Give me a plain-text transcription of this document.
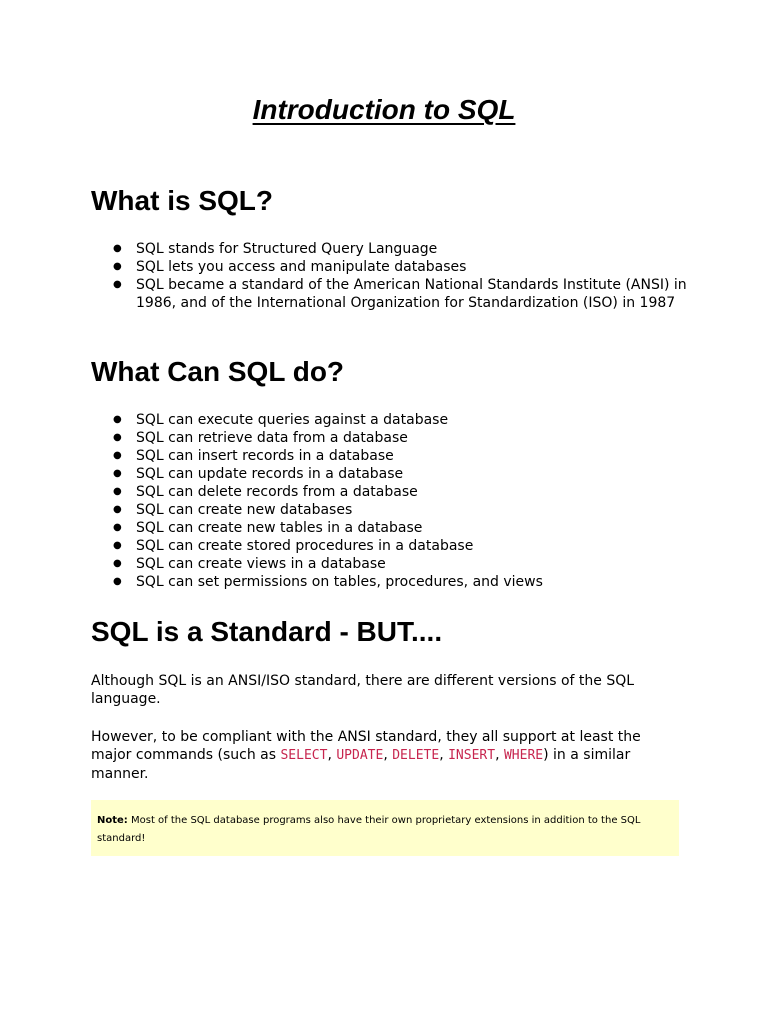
Introduction to SQL
What is SQL?
● SQL stands for Structured Query Language
● SQL lets you access and manipulate databases
● SQL became a standard of the American National Standards Institute (ANSI) in 1986, and of the International Organization for Standardization (ISO) in 1987
What Can SQL do?
● SQL can execute queries against a database
● SQL can retrieve data from a database
● SQL can insert records in a database
● SQL can update records in a database
● SQL can delete records from a database
● SQL can create new databases
● SQL can create new tables in a database
● SQL can create stored procedures in a database
● SQL can create views in a database
● SQL can set permissions on tables, procedures, and views
SQL is a Standard - BUT....

Although SQL is an ANSI/ISO standard, there are different versions of the SQL language.

However, to be compliant with the ANSI standard, they all support at least the major commands (such as SELECT, UPDATE, DELETE, INSERT, WHERE) in a similar manner.

Note: Most of the SQL database programs also have their own proprietary extensions in addition to the SQL standard!
